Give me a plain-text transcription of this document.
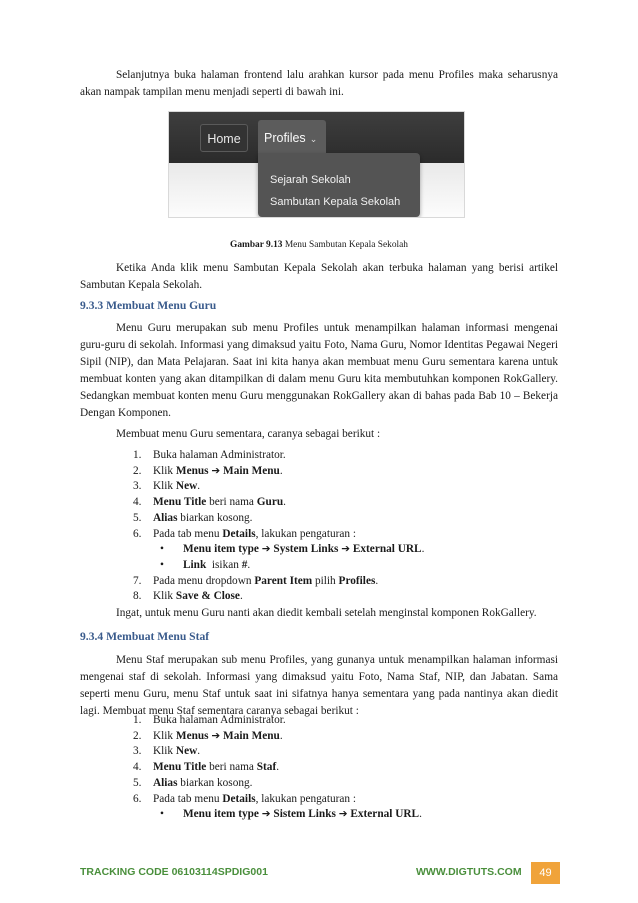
Selanjutnya buka halaman frontend lalu arahkan kursor pada menu Profiles maka seharusnya akan nampak tampilan menu menjadi seperti di bawah ini.

Home	Profiles ⌄
Sejarah Sekolah
Sambutan Kepala Sekolah
Gambar 9.13 Menu Sambutan Kepala Sekolah

Ketika Anda klik menu Sambutan Kepala Sekolah akan terbuka halaman yang berisi artikel Sambutan Kepala Sekolah.

9.3.3 Membuat Menu Guru

Menu Guru merupakan sub menu Profiles untuk menampilkan halaman informasi mengenai guru-guru di sekolah. Informasi yang dimaksud yaitu Foto, Nama Guru, Nomor Identitas Pegawai Negeri Sipil (NIP), dan Mata Pelajaran. Saat ini kita hanya akan membuat menu Guru sementara karena untuk membuat konten yang akan ditampilkan di dalam menu Guru kita membutuhkan komponen RokGallery. Sedangkan membuat konten menu Guru menggunakan RokGallery akan di bahas pada Bab 10 – Bekerja Dengan Komponen.

Membuat menu Guru sementara, caranya sebagai berikut :

1. Buka halaman Administrator.
2. Klik Menus ➔ Main Menu.
3. Klik New.
4. Menu Title beri nama Guru.
5. Alias biarkan kosong.
6. Pada tab menu Details, lakukan pengaturan :
• Menu item type ➔ System Links ➔ External URL.
• Link  isikan #.
7. Pada menu dropdown Parent Item pilih Profiles.
8. Klik Save & Close.

Ingat, untuk menu Guru nanti akan diedit kembali setelah menginstal komponen RokGallery.

9.3.4 Membuat Menu Staf

Menu Staf merupakan sub menu Profiles, yang gunanya untuk menampilkan halaman informasi mengenai staf di sekolah. Informasi yang dimaksud yaitu Foto, Nama Staf, NIP, dan Jabatan. Sama seperti menu Guru, menu Staf untuk saat ini sifatnya hanya sementara yang pada nantinya akan diedit lagi. Membuat menu Staf sementara caranya sebagai berikut :

1. Buka halaman Administrator.
2. Klik Menus ➔ Main Menu.
3. Klik New.
4. Menu Title beri nama Staf.
5. Alias biarkan kosong.
6. Pada tab menu Details, lakukan pengaturan :
• Menu item type ➔ Sistem Links ➔ External URL.
TRACKING CODE 06103114SPDIG001	WWW.DIGTUTS.COM	49
